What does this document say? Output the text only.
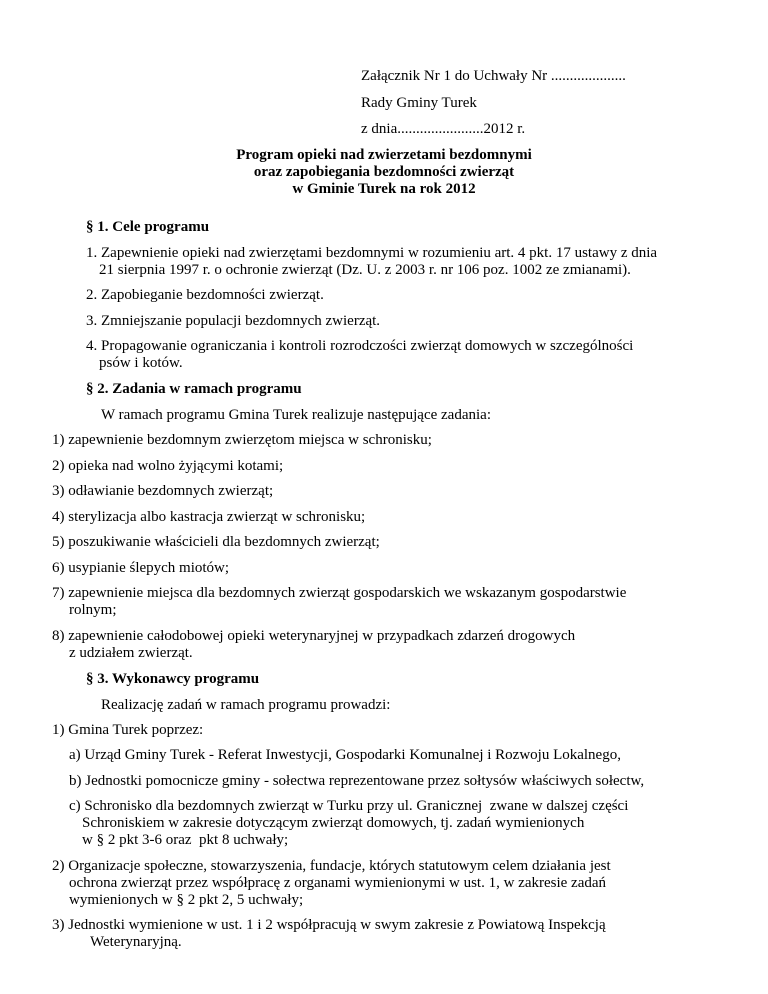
Załącznik Nr 1 do Uchwały Nr ....................
Rady Gminy Turek
z dnia.......................2012 r.
Program opieki nad zwierzetami bezdomnymi
oraz zapobiegania bezdomności zwierząt
w Gminie Turek na rok 2012
§ 1. Cele programu
1. Zapewnienie opieki nad zwierzętami bezdomnymi w rozumieniu art. 4 pkt. 17 ustawy z dnia
21 sierpnia 1997 r. o ochronie zwierząt (Dz. U. z 2003 r. nr 106 poz. 1002 ze zmianami).
2. Zapobieganie bezdomności zwierząt.
3. Zmniejszanie populacji bezdomnych zwierząt.
4. Propagowanie ograniczania i kontroli rozrodczości zwierząt domowych w szczególności
psów i kotów.
§ 2. Zadania w ramach programu
W ramach programu Gmina Turek realizuje następujące zadania:
1) zapewnienie bezdomnym zwierzętom miejsca w schronisku;
2) opieka nad wolno żyjącymi kotami;
3) odławianie bezdomnych zwierząt;
4) sterylizacja albo kastracja zwierząt w schronisku;
5) poszukiwanie właścicieli dla bezdomnych zwierząt;
6) usypianie ślepych miotów;
7) zapewnienie miejsca dla bezdomnych zwierząt gospodarskich we wskazanym gospodarstwie
rolnym;
8) zapewnienie całodobowej opieki weterynaryjnej w przypadkach zdarzeń drogowych
z udziałem zwierząt.
§ 3. Wykonawcy programu
Realizację zadań w ramach programu prowadzi:
1) Gmina Turek poprzez:
a) Urząd Gminy Turek - Referat Inwestycji, Gospodarki Komunalnej i Rozwoju Lokalnego,
b) Jednostki pomocnicze gminy - sołectwa reprezentowane przez sołtysów właściwych sołectw,
c) Schronisko dla bezdomnych zwierząt w Turku przy ul. Granicznej  zwane w dalszej części
Schroniskiem w zakresie dotyczącym zwierząt domowych, tj. zadań wymienionych
w § 2 pkt 3-6 oraz  pkt 8 uchwały;
2) Organizacje społeczne, stowarzyszenia, fundacje, których statutowym celem działania jest
ochrona zwierząt przez współpracę z organami wymienionymi w ust. 1, w zakresie zadań
wymienionych w § 2 pkt 2, 5 uchwały;
3) Jednostki wymienione w ust. 1 i 2 współpracują w swym zakresie z Powiatową Inspekcją
Weterynaryjną.
